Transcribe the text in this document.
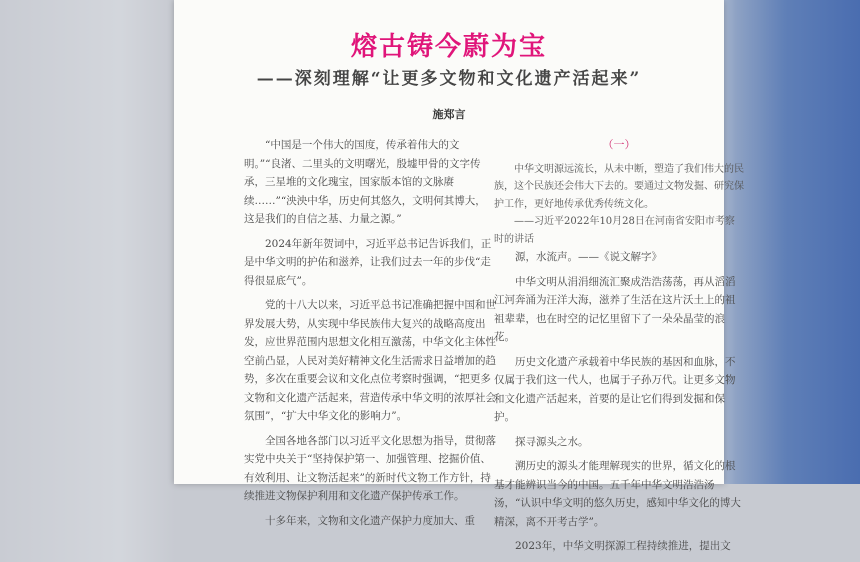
熔古铸今蔚为宝
——深刻理解“让更多文物和文化遗产活起来”
施郑言

“中国是一个伟大的国度，传承着伟大的文明。”“良渚、二里头的文明曙光，殷墟甲骨的文字传承，三星堆的文化瑰宝，国家版本馆的文脉赓续……”“泱泱中华，历史何其悠久，文明何其博大，这是我们的自信之基、力量之源。”

2024年新年贺词中，习近平总书记告诉我们，正是中华文明的护佑和滋养，让我们过去一年的步伐“走得很显底气”。

党的十八大以来，习近平总书记准确把握中国和世界发展大势，从实现中华民族伟大复兴的战略高度出发，应世界范围内思想文化相互激荡，中华文化主体性空前凸显，人民对美好精神文化生活需求日益增加的趋势，多次在重要会议和文化点位考察时强调，“把更多文物和文化遗产活起来，营造传承中华文明的浓厚社会氛围”，“扩大中华文化的影响力”。

全国各地各部门以习近平文化思想为指导，贯彻落实党中央关于“坚持保护第一、加强管理、挖掘价值、有效利用、让文物活起来”的新时代文物工作方针，持续推进文物保护利用和文化遗产保护传承工作。

十多年来，文物和文化遗产保护力度加大、重

（一）

中华文明源远流长，从未中断，塑造了我们伟大的民族，这个民族还会伟大下去的。要通过文物发掘、研究保护工作，更好地传承优秀传统文化。

——习近平2022年10月28日在河南省安阳市考察时的讲话

源，水流声。——《说文解字》

中华文明从涓涓细流汇聚成浩浩荡荡，再从滔滔江河奔涌为汪洋大海，滋养了生活在这片沃土上的祖祖辈辈，也在时空的记忆里留下了一朵朵晶莹的浪花。

历史文化遗产承载着中华民族的基因和血脉，不仅属于我们这一代人，也属于子孙万代。让更多文物和文化遗产活起来，首要的是让它们得到发掘和保护。

探寻源头之水。

溯历史的源头才能理解现实的世界，循文化的根基才能辨识当今的中国。五千年中华文明浩浩汤汤，“认识中华文明的悠久历史，感知中华文化的博大精深，离不开考古学”。

2023年，中华文明探源工程持续推进，提出文
